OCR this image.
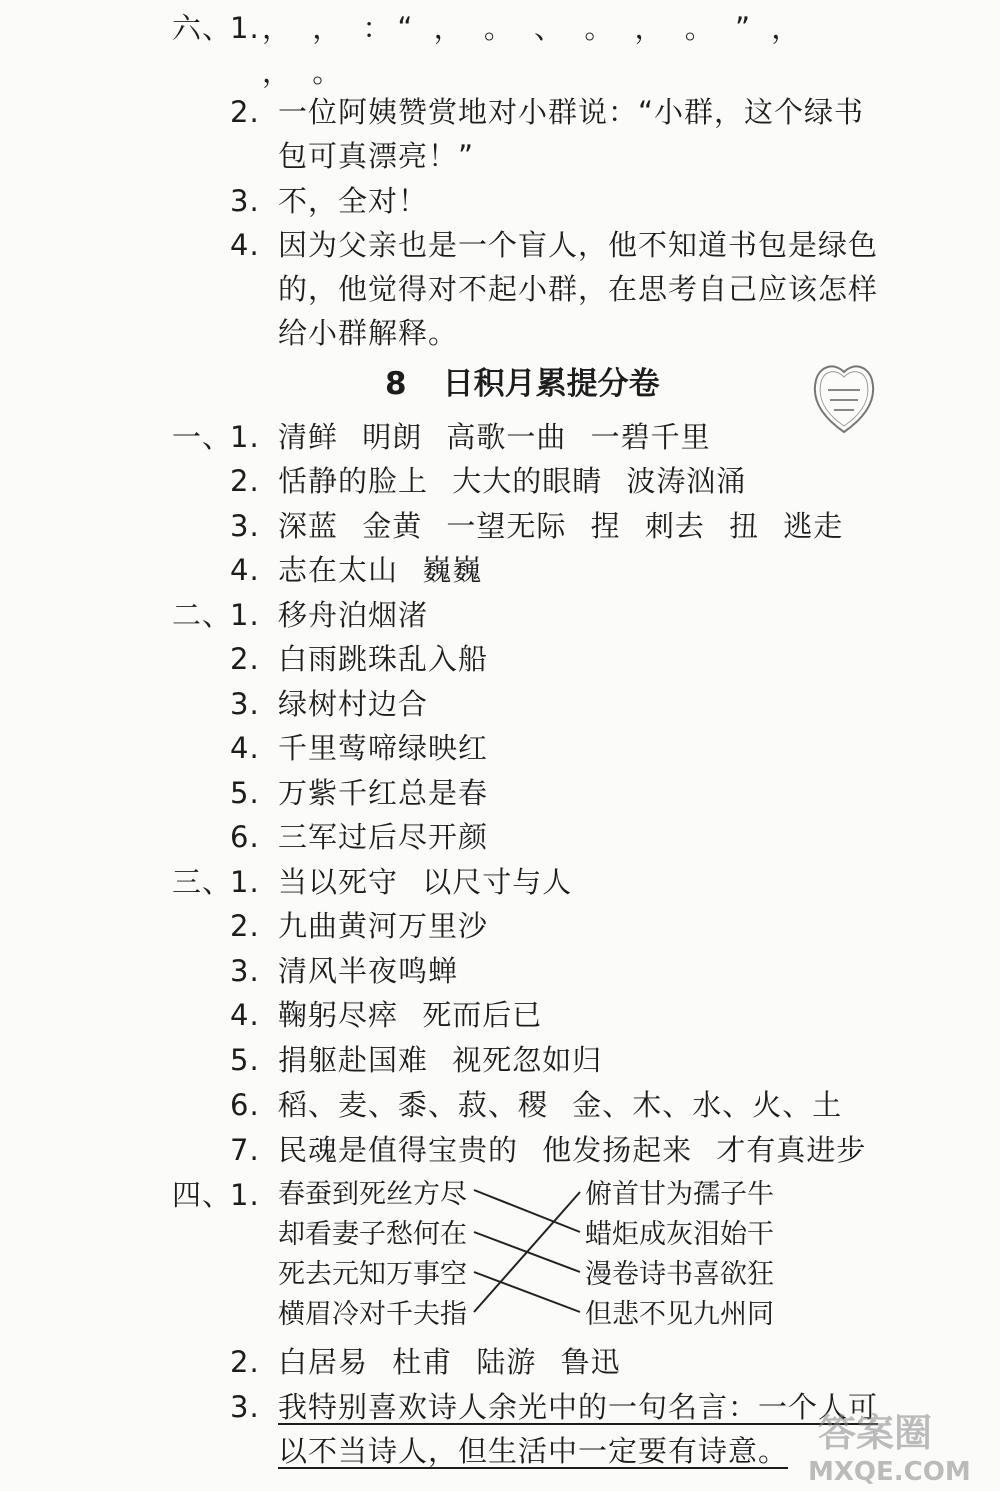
六、
1. ， ， ：“ ， 。 、 。 ， 。 ” ，
， 。
2. 一位阿姨赞赏地对小群说：“小群，这个绿书
包可真漂亮！”
3. 不，全对！
4. 因为父亲也是一个盲人，他不知道书包是绿色
的，他觉得对不起小群，在思考自己应该怎样
给小群解释。
8 日积月累提分卷
一、
1. 清鲜 明朗 高歌一曲 一碧千里
2. 恬静的脸上 大大的眼睛 波涛汹涌
3. 深蓝 金黄 一望无际 捏 刺去 扭 逃走
4. 志在太山 巍巍
二、
1. 移舟泊烟渚
2. 白雨跳珠乱入船
3. 绿树村边合
4. 千里莺啼绿映红
5. 万紫千红总是春
6. 三军过后尽开颜
三、
1. 当以死守 以尺寸与人
2. 九曲黄河万里沙
3. 清风半夜鸣蝉
4. 鞠躬尽瘁 死而后已
5. 捐躯赴国难 视死忽如归
6. 稻、麦、黍、菽、稷 金、木、水、火、土
7. 民魂是值得宝贵的 他发扬起来 才有真进步
四、
1. 春蚕到死丝方尽
却看妻子愁何在
死去元知万事空
横眉冷对千夫指
俯首甘为孺子牛
蜡炬成灰泪始干
漫卷诗书喜欲狂
但悲不见九州同
2. 白居易 杜甫 陆游 鲁迅
3. 我特别喜欢诗人余光中的一句名言：一个人可
以不当诗人，但生活中一定要有诗意。 答案圈
MXQE.COM
